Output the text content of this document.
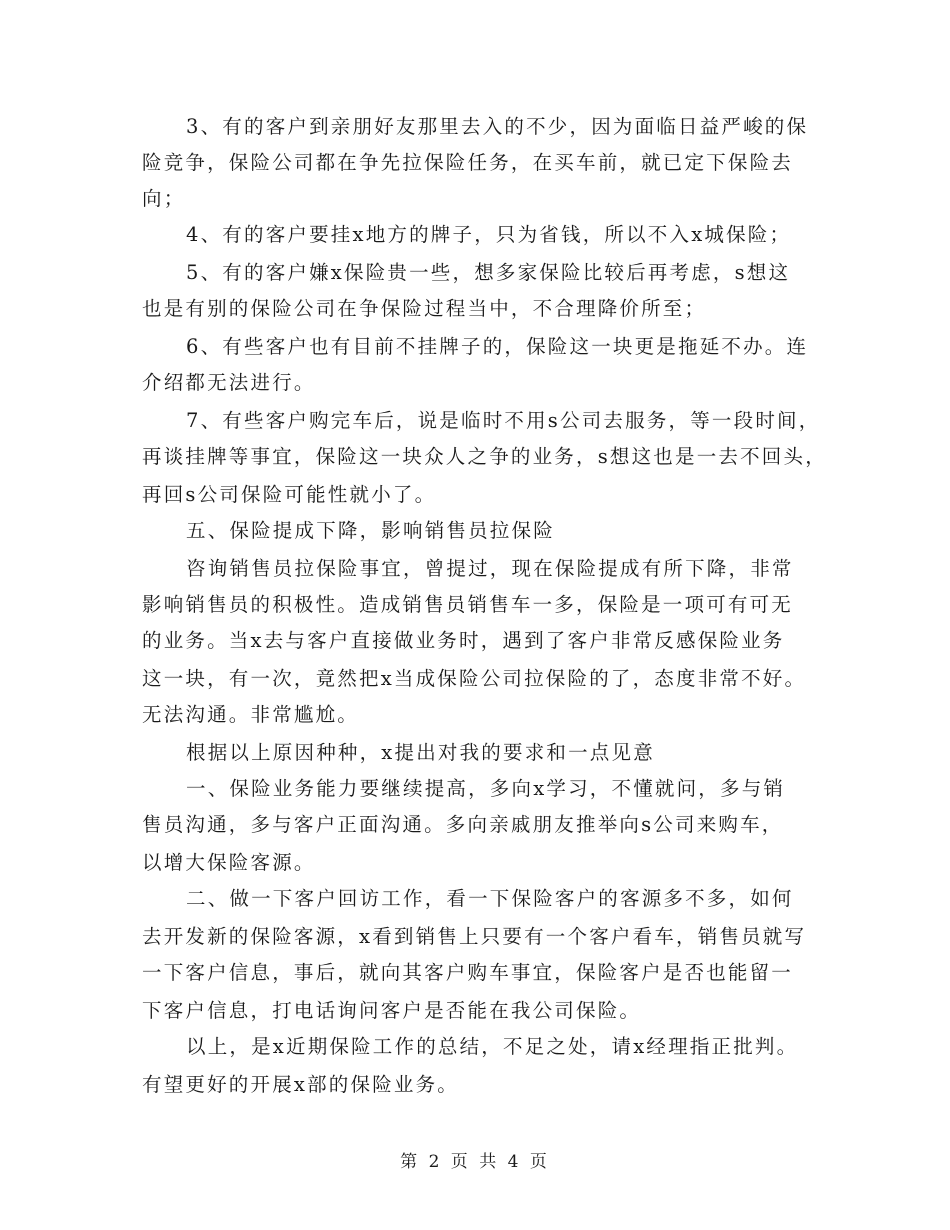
3、有的客户到亲朋好友那里去入的不少，因为面临日益严峻的保
险竞争，保险公司都在争先拉保险任务，在买车前，就已定下保险去
向；
4、有的客户要挂x地方的牌子，只为省钱，所以不入x城保险；
5、有的客户嫌x保险贵一些，想多家保险比较后再考虑，s想这
也是有别的保险公司在争保险过程当中，不合理降价所至；
6、有些客户也有目前不挂牌子的，保险这一块更是拖延不办。连
介绍都无法进行。
7、有些客户购完车后，说是临时不用s公司去服务，等一段时间，
再谈挂牌等事宜，保险这一块众人之争的业务，s想这也是一去不回头，
再回s公司保险可能性就小了。
五、保险提成下降，影响销售员拉保险
咨询销售员拉保险事宜，曾提过，现在保险提成有所下降，非常
影响销售员的积极性。造成销售员销售车一多，保险是一项可有可无
的业务。当x去与客户直接做业务时，遇到了客户非常反感保险业务
这一块，有一次，竟然把x当成保险公司拉保险的了，态度非常不好。
无法沟通。非常尴尬。
根据以上原因种种，x提出对我的要求和一点见意
一、保险业务能力要继续提高，多向x学习，不懂就问，多与销
售员沟通，多与客户正面沟通。多向亲戚朋友推举向s公司来购车，
以增大保险客源。
二、做一下客户回访工作，看一下保险客户的客源多不多，如何
去开发新的保险客源，x看到销售上只要有一个客户看车，销售员就写
一下客户信息，事后，就向其客户购车事宜，保险客户是否也能留一
下客户信息，打电话询问客户是否能在我公司保险。
以上，是x近期保险工作的总结，不足之处，请x经理指正批判。
有望更好的开展x部的保险业务。
第 2 页 共 4 页
